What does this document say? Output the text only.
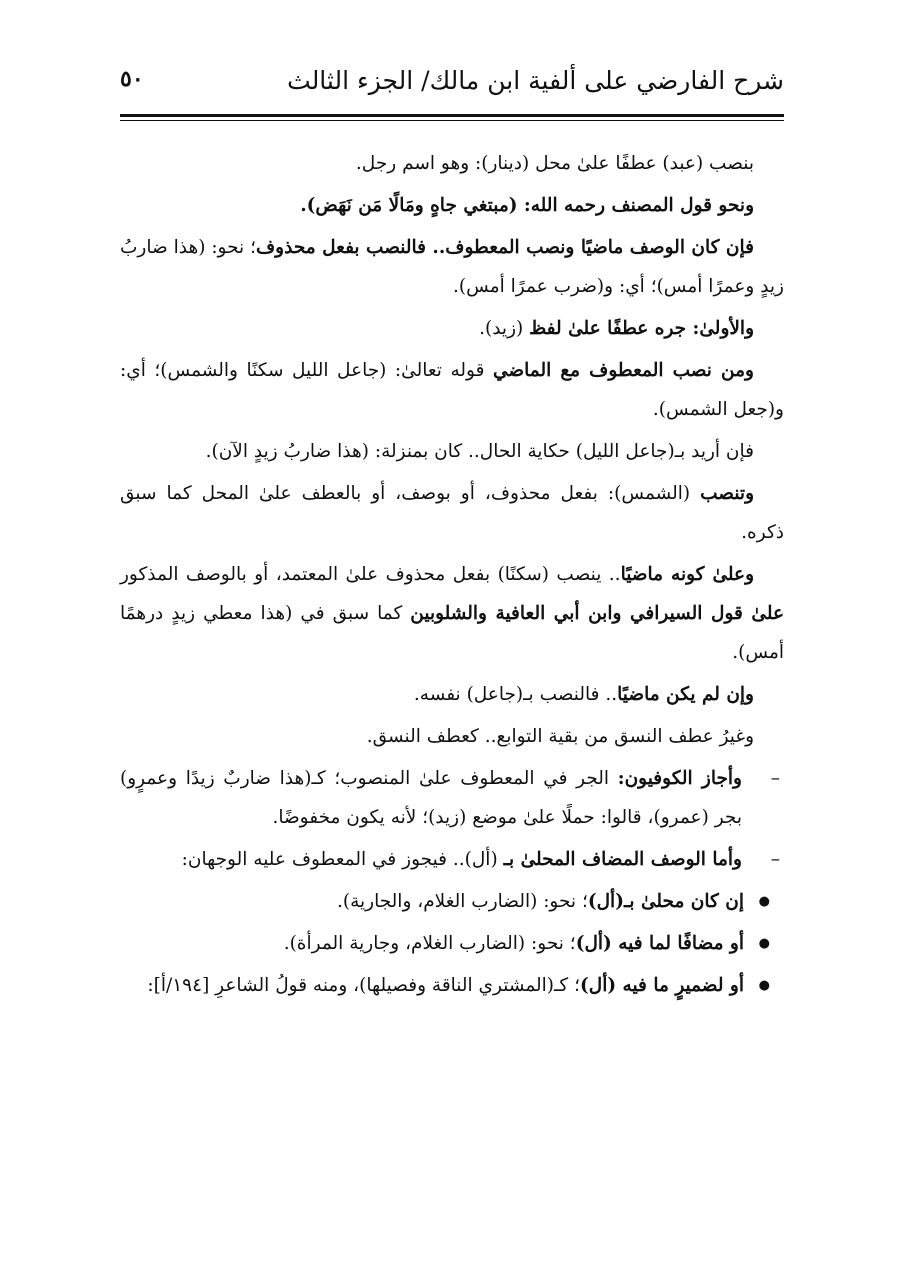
شرح الفارضي على ألفية ابن مالك/ الجزء الثالث
٥٠

بنصب (عبد) عطفًا علىٰ محل (دينار): وهو اسم رجل.

ونحو قول المصنف رحمه الله: (مبتغي جاهٍ ومَالًا مَن نَهَض).

فإن كان الوصف ماضيًا ونصب المعطوف.. فالنصب بفعل محذوف؛ نحو: (هذا ضاربُ زيدٍ وعمرًا أمس)؛ أي: و(ضرب عمرًا أمس).

والأولىٰ: جره عطفًا علىٰ لفظ (زيد).

ومن نصب المعطوف مع الماضي قوله تعالىٰ: (جاعل الليل سكنًا والشمس)؛ أي: و(جعل الشمس).

فإن أريد بـ(جاعل الليل) حكاية الحال.. كان بمنزلة: (هذا ضاربُ زيدٍ الآن).

وتنصب (الشمس): بفعل محذوف، أو بوصف، أو بالعطف علىٰ المحل كما سبق ذكره.

وعلىٰ كونه ماضيًا.. ينصب (سكنًا) بفعل محذوف علىٰ المعتمد، أو بالوصف المذكور علىٰ قول السيرافي وابن أبي العافية والشلوبين كما سبق في (هذا معطي زيدٍ درهمًا أمس).

وإن لم يكن ماضيًا.. فالنصب بـ(جاعل) نفسه.

وغيرُ عطف النسق من بقية التوابع.. كعطف النسق.

–
وأجاز الكوفيون: الجر في المعطوف علىٰ المنصوب؛ كـ(هذا ضاربٌ زيدًا وعمرٍو) بجر (عمرو)، قالوا: حملًا علىٰ موضع (زيد)؛ لأنه يكون مخفوضًا.
–
وأما الوصف المضاف المحلىٰ بـ (أل).. فيجوز في المعطوف عليه الوجهان:
●
إن كان محلىٰ بـ(أل)؛ نحو: (الضارب الغلام، والجارية).
●
أو مضافًا لما فيه (أل)؛ نحو: (الضارب الغلام، وجارية المرأة).
●
أو لضميرٍ ما فيه (أل)؛ كـ(المشتري الناقة وفصيلها)، ومنه قولُ الشاعرِ [١٩٤/أ]:
